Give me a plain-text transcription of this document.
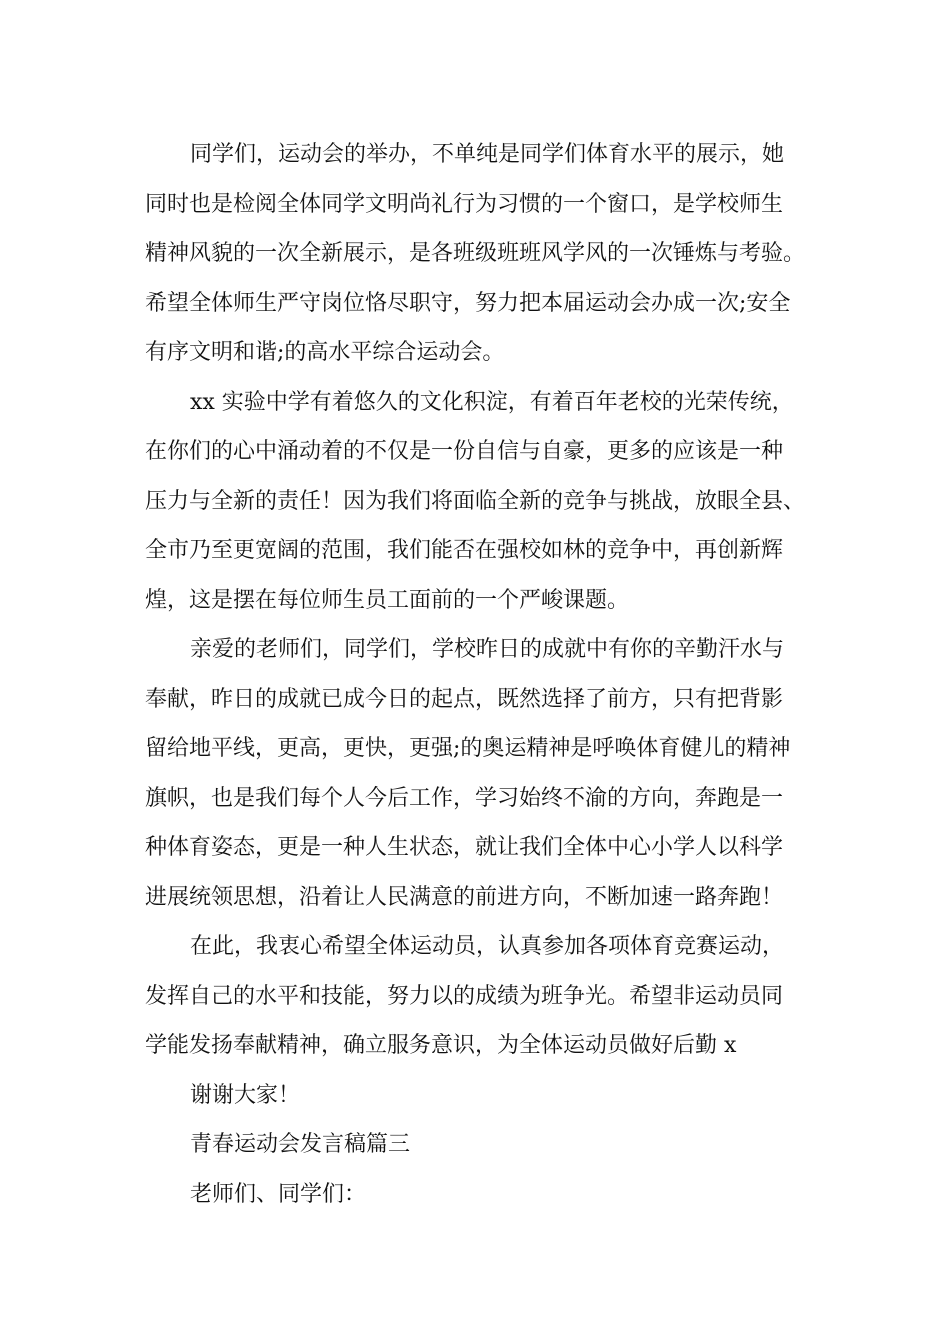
同学们，运动会的举办，不单纯是同学们体育水平的展示，她
同时也是检阅全体同学文明尚礼行为习惯的一个窗口，是学校师生
精神风貌的一次全新展示，是各班级班班风学风的一次锤炼与考验。
希望全体师生严守岗位恪尽职守，努力把本届运动会办成一次;安全
有序文明和谐;的高水平综合运动会。

xx 实验中学有着悠久的文化积淀，有着百年老校的光荣传统，
在你们的心中涌动着的不仅是一份自信与自豪，更多的应该是一种
压力与全新的责任！因为我们将面临全新的竞争与挑战，放眼全县、
全市乃至更宽阔的范围，我们能否在强校如林的竞争中，再创新辉
煌，这是摆在每位师生员工面前的一个严峻课题。

亲爱的老师们，同学们，学校昨日的成就中有你的辛勤汗水与
奉献，昨日的成就已成今日的起点，既然选择了前方，只有把背影
留给地平线，更高，更快，更强;的奥运精神是呼唤体育健儿的精神
旗帜，也是我们每个人今后工作，学习始终不渝的方向，奔跑是一
种体育姿态，更是一种人生状态，就让我们全体中心小学人以科学
进展统领思想，沿着让人民满意的前进方向，不断加速一路奔跑！

在此，我衷心希望全体运动员，认真参加各项体育竞赛运动，
发挥自己的水平和技能，努力以的成绩为班争光。希望非运动员同
学能发扬奉献精神，确立服务意识，为全体运动员做好后勤 x

谢谢大家！

青春运动会发言稿篇三

老师们、同学们：
